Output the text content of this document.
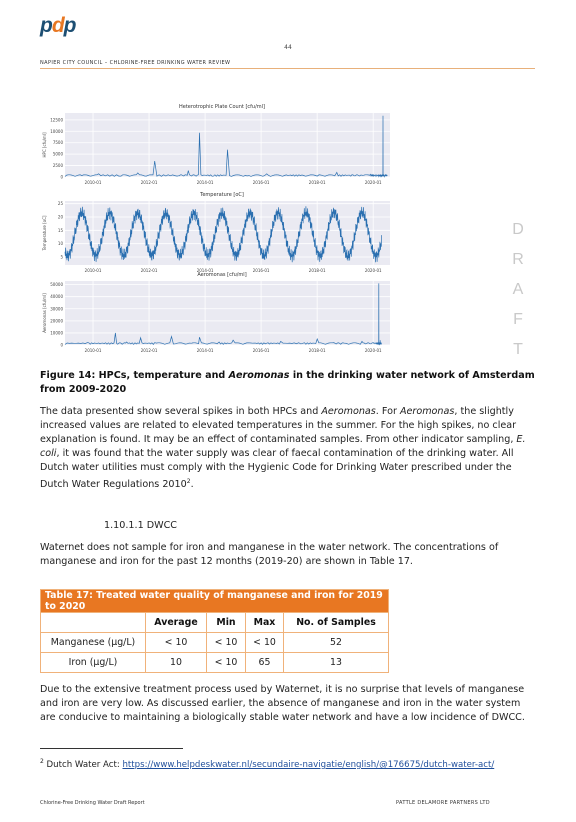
pdp
44
NAPIER CITY COUNCIL – CHLORINE-FREE DRINKING WATER REVIEW
D
R
A
F
T
Heterotrophic Plate Count [cfu/ml]
0
2500
5000
7500
10000
12500
2010-01	2012-01	2014-01	2016-01	2018-01	2020-01
HPC [cfu/ml]
Temperature [oC]
5
10
15
20
25
2010-01	2012-01	2014-01	2016-01	2018-01	2020-01
Temperature [oC]
Aeromonas [cfu/ml]
0
10000
20000
30000
40000
50000
2010-01	2012-01	2014-01	2016-01	2018-01	2020-01
Aeromonas [cfu/ml]
Figure 14: HPCs, temperature and Aeromonas in the drinking water network of Amsterdam from 2009-2020
The data presented show several spikes in both HPCs and Aeromonas. For Aeromonas, the slightly increased values are related to elevated temperatures in the summer. For the high spikes, no clear explanation is found. It may be an effect of contaminated samples. From other indicator sampling, E. coli, it was found that the water supply was clear of faecal contamination of the drinking water. All Dutch water utilities must comply with the Hygienic Code for Drinking Water prescribed under the Dutch Water Regulations 2010$^2$.
1.10.1.1 DWCC
Waternet does not sample for iron and manganese in the water network. The concentrations of manganese and iron for the past 12 months (2019-20) are shown in Table 17.
Table 17: Treated water quality of manganese and iron for 2019 to 2020				
	Average	Min	Max	No. of Samples
Manganese (µg/L)	< 10	< 10	< 10	52
Iron (µg/L)	10	< 10	65	13
Due to the extensive treatment process used by Waternet, it is no surprise that levels of manganese and iron are very low. As discussed earlier, the absence of manganese and iron in the water system are conducive to maintaining a biologically stable water network and have a low incidence of DWCC.
$^2$ Dutch Water Act: https://www.helpdeskwater.nl/secundaire-navigatie/english/@176675/dutch-water-act/
Chlorine-Free Drinking Water Draft Report	PATTLE DELAMORE PARTNERS LTD
